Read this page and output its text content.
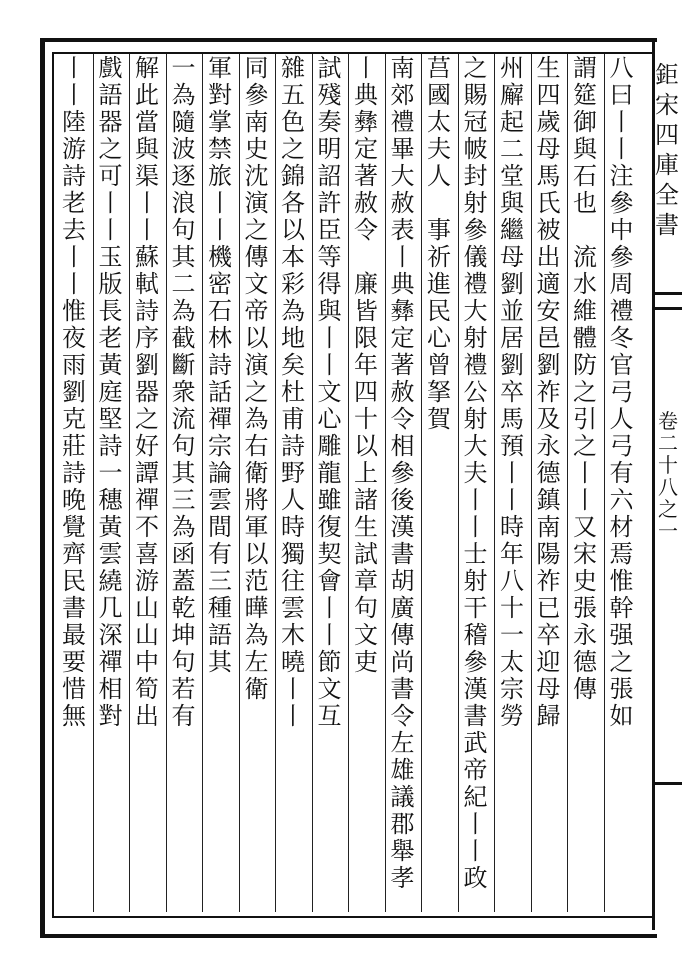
鉅
宋
四
庫
全
書
卷
二
十
八
之
一
八
曰
丨
丨
注
參
中
參
周
禮
冬
官
弓
人
弓
有
六
材
焉
惟
幹
强
之
張
如
謂
筵
御
與
石
也

流
水
維
體
防
之
引
之
丨
丨
又
宋
史
張
永
德
傳
生
四
歲
母
馬
氏
被
出
適
安
邑
劉
祚
及
永
德
鎮
南
陽
祚
已
卒
迎
母
歸
州
廨
起
二
堂
與
繼
母
劉
並
居
劉
卒
馬
預
丨
丨
時
年
八
十
一
太
宗
勞
之
賜
冠
帔
封
射
參
儀
禮
大
射
禮
公
射
大
夫
丨
丨
士
射
干
稽
參
漢
書
武
帝
紀
丨
丨
政
莒
國
太
夫
人

事
祈
進
民
心
曾
拏
賀
南
郊
禮
畢
大
赦
表
丨
典
彝
定
著
赦
令
相
參
後
漢
書
胡
廣
傳
尚
書
令
左
雄
議
郡
舉
孝
丨
典
彝
定
著
赦
令

廉
皆
限
年
四
十
以
上
諸
生
試
章
句
文
吏
試
殘
奏
明
詔
許
臣
等
得
與
丨
丨
文
心
雕
龍
雖
復
契
會
丨
丨
節
文
互
雜
五
色
之
錦
各
以
本
彩
為
地
矣
杜
甫
詩
野
人
時
獨
往
雲
木
曉
丨
丨
同
參
南
史
沈
演
之
傳
文
帝
以
演
之
為
右
衛
將
軍
以
范
曄
為
左
衛
軍
對
掌
禁
旅
丨
丨
機
密
石
林
詩
話
禪
宗
論
雲
間
有
三
種
語
其
一
為
隨
波
逐
浪
句
其
二
為
截
斷
衆
流
句
其
三
為
函
蓋
乾
坤
句
若
有
解
此
當
與
渠
丨
丨
蘇
軾
詩
序
劉
器
之
好
譚
禪
不
喜
游
山
山
中
筍
出
戲
語
器
之
可
丨
丨
玉
版
長
老
黃
庭
堅
詩
一
穗
黃
雲
繞
几
深
禪
相
對
丨
丨
陸
游
詩
老
去
丨
丨
惟
夜
雨
劉
克
莊
詩
晚
覺
齊
民
書
最
要
惜
無
